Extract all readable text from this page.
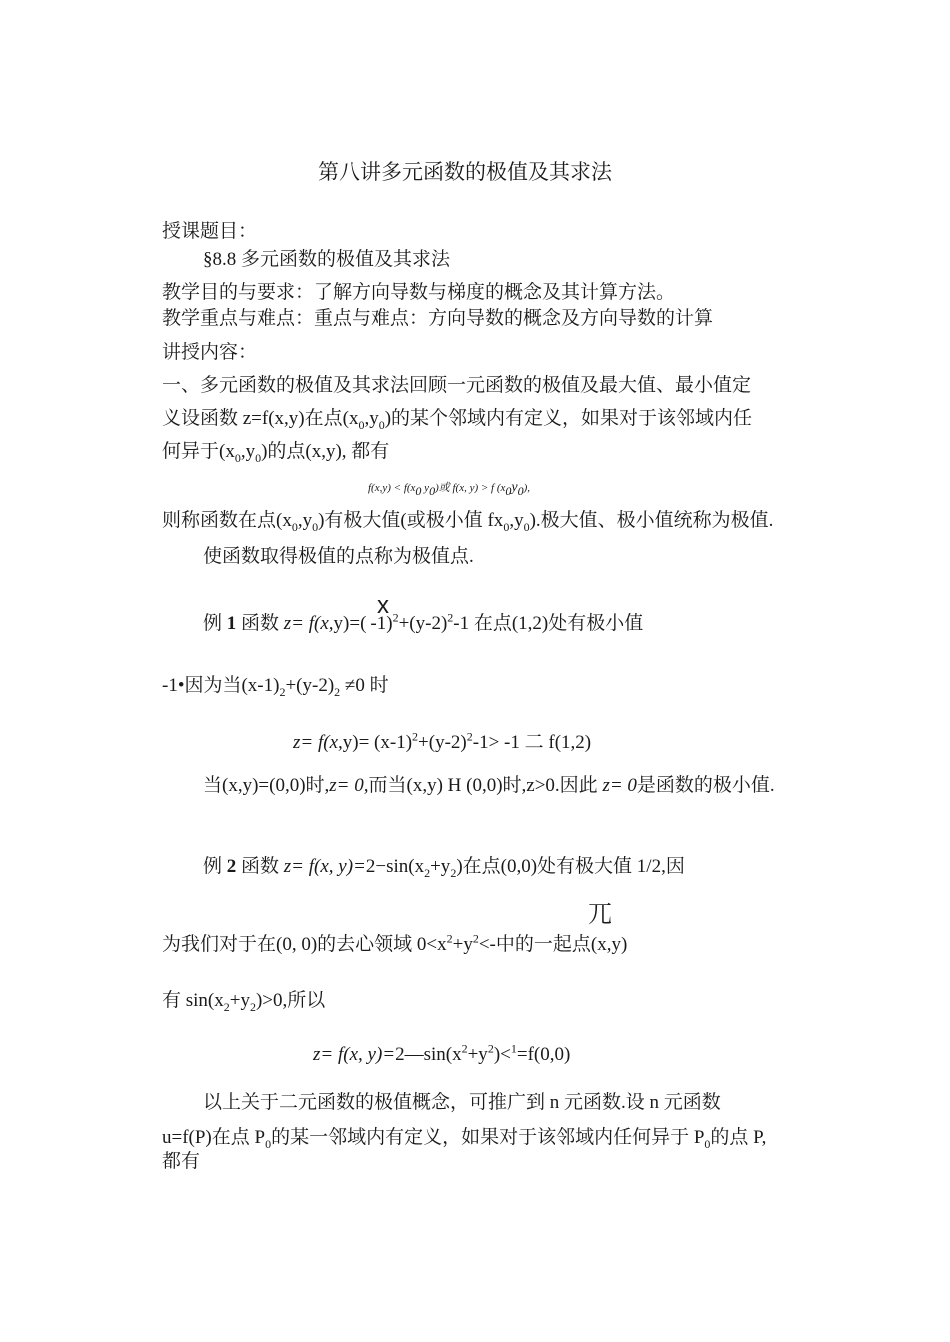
第八讲多元函数的极值及其求法
授课题目：
§8.8 多元函数的极值及其求法
教学目的与要求：了解方向导数与梯度的概念及其计算方法。
教学重点与难点：重点与难点：方向导数的概念及方向导数的计算
讲授内容：
一、多元函数的极值及其求法回顾一元函数的极值及最大值、最小值定
义设函数 z=f(x,y)在点$(x_0,y_0)$的某个邻域内有定义，如果对于该邻域内任
何异于$(x_0,y_0)$的点(x,y), 都有
$f(x,y) < f(x_0$ $y_0$)或 f(x, y) > f $(x_0y_0)$,
则称函数在点$(x_0,y_0)$有极大值(或极小值 $fx_0,y_0$).极大值、极小值统称为极值.
使函数取得极值的点称为极值点.
x
例 1 函数 z= f(x,y)=( $-1)^2+(y-2)^2-1$ 在点(1,2)处有极小值
-1•因为当$(x-1)_2+(y-2)_2 \ne 0$ 时
$z= f(x,y)= (x-1)^2+(y-2)^2-1> -1$ 二 f(1,2)
当(x,y)=(0,0)时,z= 0,而当(x,y) H (0,0)时,z>0.因此 z= 0是函数的极小值.
例 2 函数 z= f(x, $y)=2-\sin(x_2+y_2)$在点(0,0)处有极大值 1/2,因
兀
为我们对于在(0, 0)的去心领域 $0<x^2+y^2<-$中的一起点(x,y)
有 $\sin(x_2+y_2)>0$,所以
z= f(x, $y)=2—\sin(x^2+y^2)<^1=f(0,0)$
以上关于二元函数的极值概念，可推广到 n 元函数.设 n 元函数
u=f(P)在点 $P_0$的某一邻域内有定义，如果对于该邻域内任何异于 $P_0$的点 P,
都有
